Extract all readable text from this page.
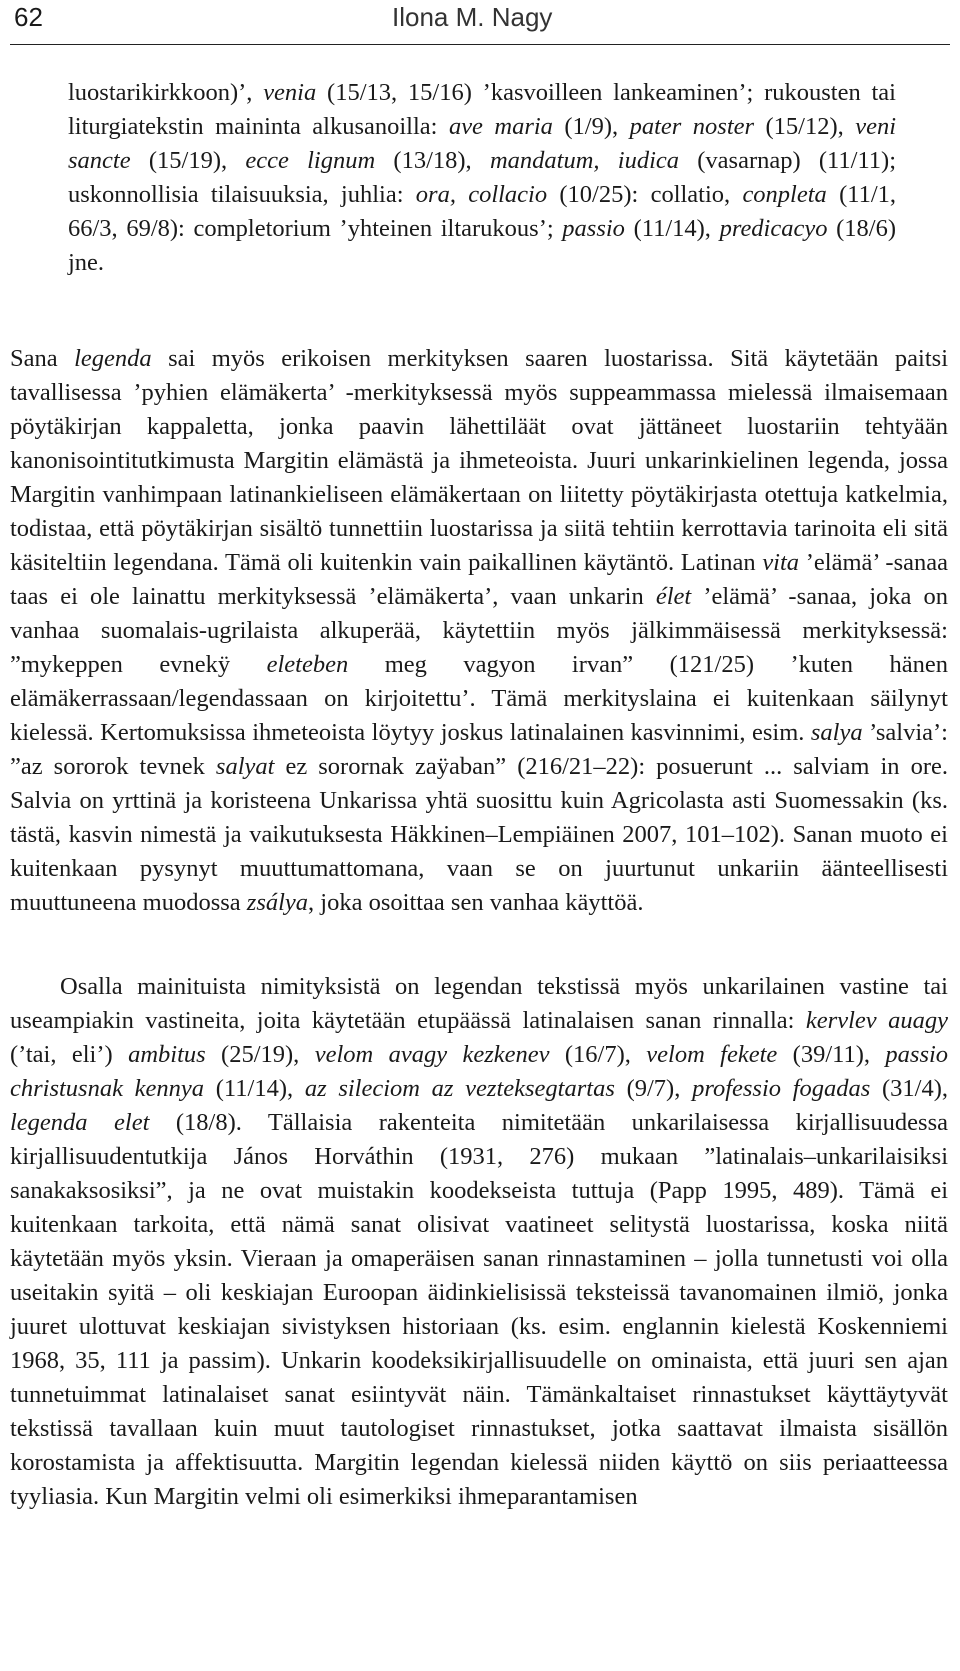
62	Ilona M. Nagy
luostarikirkkoon)’, venia (15/13, 15/16) ’kasvoilleen lankeaminen’; rukousten tai liturgiatekstin maininta alkusanoilla: ave maria (1/9), pater noster (15/12), veni sancte (15/19), ecce lignum (13/18), mandatum, iudica (vasarnap) (11/11); uskonnollisia tilaisuuksia, juhlia: ora, collacio (10/25): collatio, conpleta (11/1, 66/3, 69/8): completorium ’yhteinen iltarukous’; passio (11/14), predicacyo (18/6) jne.
Sana legenda sai myös erikoisen merkityksen saaren luostarissa. Sitä käytetään paitsi tavallisessa ’pyhien elämäkerta’ -merkityksessä myös suppeammassa mielessä ilmaisemaan pöytäkirjan kappaletta, jonka paavin lähettiläät ovat jättäneet luostariin tehtyään kanonisointitutkimusta Margitin elämästä ja ihmeteoista. Juuri unkarinkielinen legenda, jossa Margitin vanhimpaan latinankieliseen elämäkertaan on liitetty pöytäkirjasta otettuja katkelmia, todistaa, että pöytäkirjan sisältö tunnettiin luostarissa ja siitä tehtiin kerrottavia tarinoita eli sitä käsiteltiin legendana. Tämä oli kuitenkin vain paikallinen käytäntö. Latinan vita ’elämä’ -sanaa taas ei ole lainattu merkityksessä ’elämäkerta’, vaan unkarin élet ’elämä’ -sanaa, joka on vanhaa suomalais-ugrilaista alkuperää, käytettiin myös jälkimmäisessä merkityksessä: ”mykeppen evnekÿ eleteben meg vagyon irvan” (121/25) ’kuten hänen elämäkerrassaan/legendassaan on kirjoitettu’. Tämä merkityslaina ei kuitenkaan säilynyt kielessä. Kertomuksissa ihmeteoista löytyy joskus latinalainen kasvinnimi, esim. salya ’salvia’: ”az sororok tevnek salyat ez sorornak zaÿaban” (216/21–22): posuerunt ... salviam in ore. Salvia on yrttinä ja koristeena Unkarissa yhtä suosittu kuin Agricolasta asti Suomessakin (ks. tästä, kasvin nimestä ja vaikutuksesta Häkkinen–Lempiäinen 2007, 101–102). Sanan muoto ei kuitenkaan pysynyt muuttumattomana, vaan se on juurtunut unkariin äänteellisesti muuttuneena muodossa zsálya, joka osoittaa sen vanhaa käyttöä.
Osalla mainituista nimityksistä on legendan tekstissä myös unkarilainen vastine tai useampiakin vastineita, joita käytetään etupäässä latinalaisen sanan rinnalla: kervlev auagy (’tai, eli’) ambitus (25/19), velom avagy kezkenev (16/7), velom fekete (39/11), passio christusnak kennya (11/14), az sileciom az vezteksegtartas (9/7), professio fogadas (31/4), legenda elet (18/8). Tällaisia rakenteita nimitetään unkarilaisessa kirjallisuudessa kirjallisuudentutkija János Horváthin (1931, 276) mukaan ”latinalais–unkarilaisiksi sanakaksosiksi”, ja ne ovat muistakin koodekseista tuttuja (Papp 1995, 489). Tämä ei kuitenkaan tarkoita, että nämä sanat olisivat vaatineet selitystä luostarissa, koska niitä käytetään myös yksin. Vieraan ja omaperäisen sanan rinnastaminen – jolla tunnetusti voi olla useitakin syitä – oli keskiajan Euroopan äidinkielisissä teksteissä tavanomainen ilmiö, jonka juuret ulottuvat keskiajan sivistyksen historiaan (ks. esim. englannin kielestä Koskenniemi 1968, 35, 111 ja passim). Unkarin koodeksikirjallisuudelle on ominaista, että juuri sen ajan tunnetuimmat latinalaiset sanat esiintyvät näin. Tämänkaltaiset rinnastukset käyttäytyvät tekstissä tavallaan kuin muut tautologiset rinnastukset, jotka saattavat ilmaista sisällön korostamista ja affektisuutta. Margitin legendan kielessä niiden käyttö on siis periaatteessa tyyliasia. Kun Margitin velmi oli esimerkiksi ihmeparantamisen
